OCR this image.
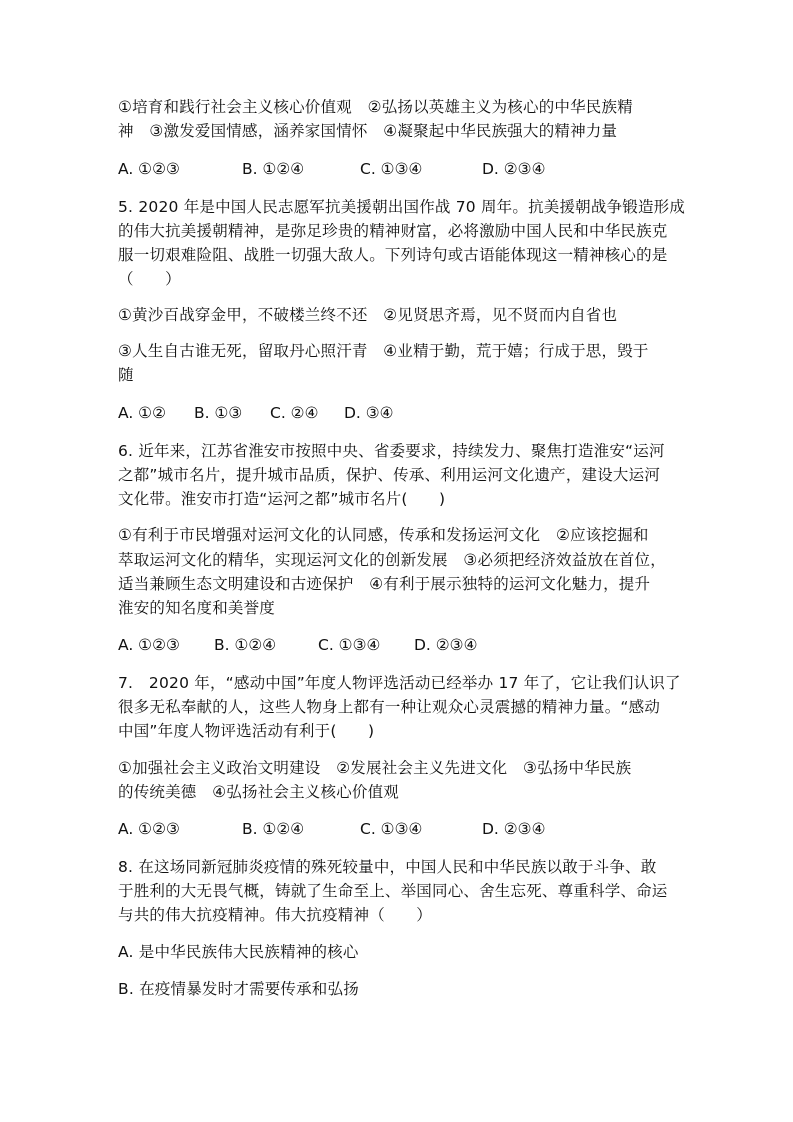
①培育和践行社会主义核心价值观　②弘扬以英雄主义为核心的中华民族精
神　③激发爱国情感，涵养家国情怀　④凝聚起中华民族强大的精神力量
A. ①②③	B. ①②④	C. ①③④	D. ②③④
5. 2020 年是中国人民志愿军抗美援朝出国作战 70 周年。抗美援朝战争锻造形成
的伟大抗美援朝精神，是弥足珍贵的精神财富，必将激励中国人民和中华民族克
服一切艰难险阻、战胜一切强大敌人。下列诗句或古语能体现这一精神核心的是
（　　）
①黄沙百战穿金甲，不破楼兰终不还　②见贤思齐焉，见不贤而内自省也
③人生自古谁无死，留取丹心照汗青　④业精于勤，荒于嬉；行成于思，毁于
随
A. ①② B. ①③ C. ②④ D. ③④
6. 近年来，江苏省淮安市按照中央、省委要求，持续发力、聚焦打造淮安“运河
之都”城市名片，提升城市品质，保护、传承、利用运河文化遗产，建设大运河
文化带。淮安市打造“运河之都”城市名片(　　)
①有利于市民增强对运河文化的认同感，传承和发扬运河文化　②应该挖掘和
萃取运河文化的精华，实现运河文化的创新发展　③必须把经济效益放在首位，
适当兼顾生态文明建设和古迹保护　④有利于展示独特的运河文化魅力，提升
淮安的知名度和美誉度
A. ①②③ B. ①②④	C. ①③④ D. ②③④
7.　2020 年，“感动中国”年度人物评选活动已经举办 17 年了，它让我们认识了
很多无私奉献的人，这些人物身上都有一种让观众心灵震撼的精神力量。“感动
中国”年度人物评选活动有利于(　　)
①加强社会主义政治文明建设　②发展社会主义先进文化　③弘扬中华民族
的传统美德　④弘扬社会主义核心价值观
A. ①②③	B. ①②④	C. ①③④	D. ②③④
8. 在这场同新冠肺炎疫情的殊死较量中，中国人民和中华民族以敢于斗争、敢
于胜利的大无畏气概，铸就了生命至上、举国同心、舍生忘死、尊重科学、命运
与共的伟大抗疫精神。伟大抗疫精神（　　）
A. 是中华民族伟大民族精神的核心
B. 在疫情暴发时才需要传承和弘扬
